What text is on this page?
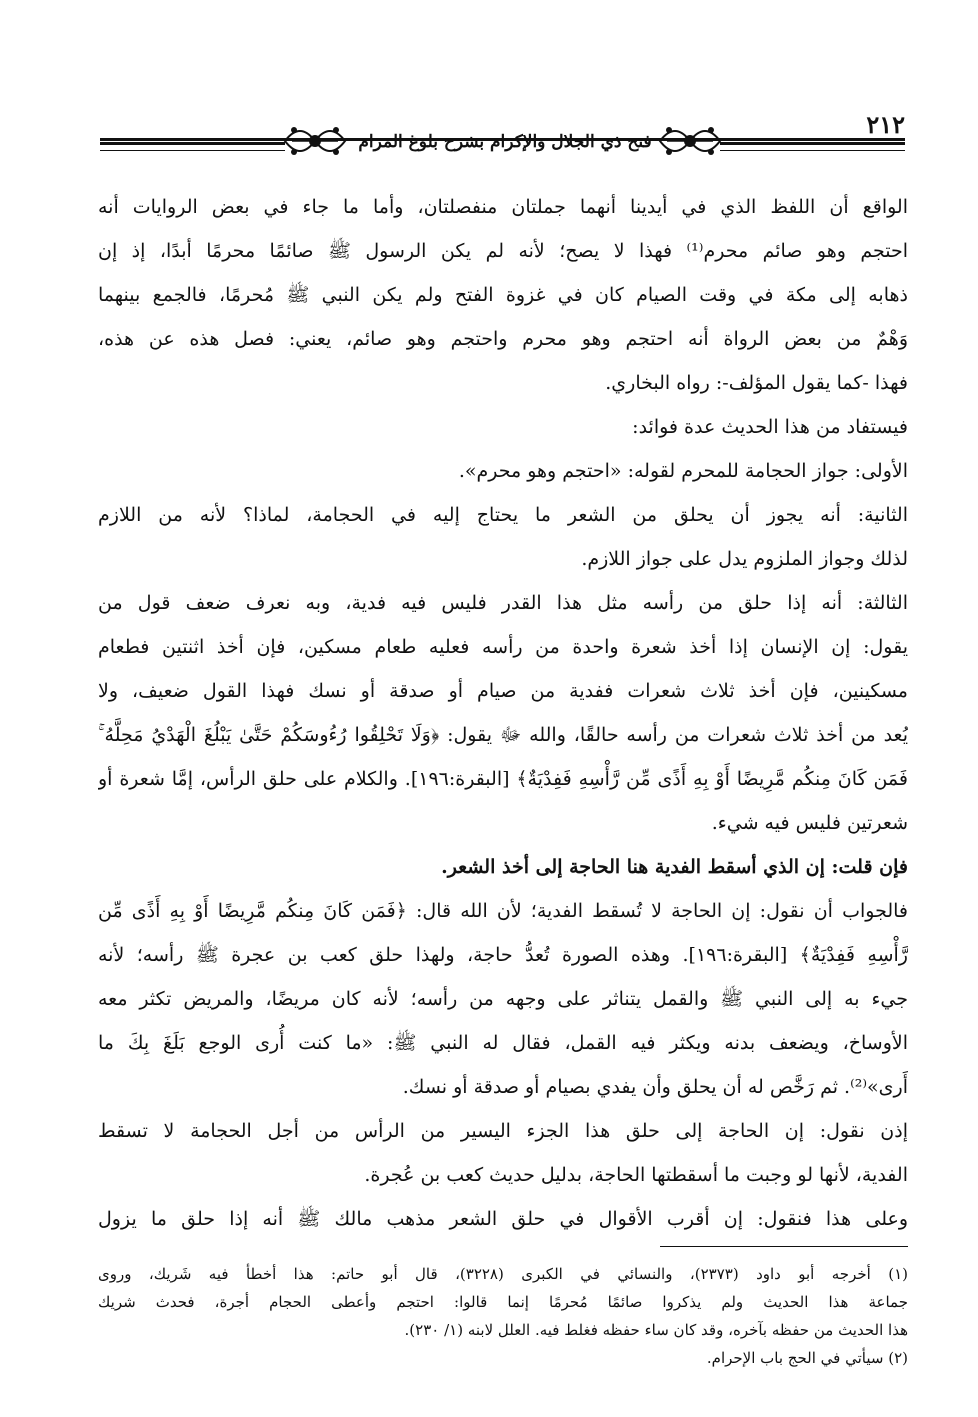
٢١٢
فتح ذي الجلال والإكرام بشرح بلوغ المرام
الواقع أن اللفظ الذي في أيدينا أنهما جملتان منفصلتان، وأما ما جاء في بعض الروايات أنه
احتجم وهو صائم محرم⁽¹⁾ فهذا لا يصح؛ لأنه لم يكن الرسول ﷺ صائمًا محرمًا أبدًا، إذ إن
ذهابه إلى مكة في وقت الصيام كان في غزوة الفتح ولم يكن النبي ﷺ مُحرمًا، فالجمع بينهما
وَهْمٌ من بعض الرواة أنه احتجم وهو محرم واحتجم وهو صائم، يعني: فصل هذه عن هذه،
فهذا -كما يقول المؤلف-: رواه البخاري.
فيستفاد من هذا الحديث عدة فوائد:
الأولى: جواز الحجامة للمحرم لقوله: «احتجم وهو محرم».
الثانية: أنه يجوز أن يحلق من الشعر ما يحتاج إليه في الحجامة، لماذا؟ لأنه من اللازم
لذلك وجواز الملزوم يدل على جواز اللازم.
الثالثة: أنه إذا حلق من رأسه مثل هذا القدر فليس فيه فدية، وبه نعرف ضعف قول من
يقول: إن الإنسان إذا أخذ شعرة واحدة من رأسه فعليه طعام مسكين، فإن أخذ اثنتين فطعام
مسكينين، فإن أخذ ثلاث شعرات ففدية من صيام أو صدقة أو نسك فهذا القول ضعيف، ولا
يُعد من أخذ ثلاث شعرات من رأسه حالقًا، والله ﷻ يقول: ﴿وَلَا تَحْلِقُوا رُءُوسَكُمْ حَتَّىٰ يَبْلُغَ الْهَدْيُ مَحِلَّهُ ۚ
فَمَن كَانَ مِنكُم مَّرِيضًا أَوْ بِهِ أَذًى مِّن رَّأْسِهِ فَفِدْيَةٌ﴾ [البقرة:١٩٦]. والكلام على حلق الرأس، إمَّا شعرة أو
شعرتين فليس فيه شيء.
فإن قلت: إن الذي أسقط الفدية هنا الحاجة إلى أخذ الشعر.
فالجواب أن نقول: إن الحاجة لا تُسقط الفدية؛ لأن الله قال: ﴿فَمَن كَانَ مِنكُم مَّرِيضًا أَوْ بِهِ أَذًى مِّن
رَّأْسِهِ فَفِدْيَةٌ﴾ [البقرة:١٩٦]. وهذه الصورة تُعدُّ حاجة، ولهذا حلق كعب بن عجرة ﷺ رأسه؛ لأنه
جيء به إلى النبي ﷺ والقمل يتناثر على وجهه من رأسه؛ لأنه كان مريضًا، والمريض تكثر معه
الأوساخ، ويضعف بدنه ويكثر فيه القمل، فقال له النبي ﷺ: «ما كنت أُرى الوجع بَلَغَ بِكَ ما
أَرى»⁽²⁾. ثم رَخَّص له أن يحلق وأن يفدي بصيام أو صدقة أو نسك.
إذن نقول: إن الحاجة إلى حلق هذا الجزء اليسير من الرأس من أجل الحجامة لا تسقط
الفدية، لأنها لو وجبت ما أسقطتها الحاجة، بدليل حديث كعب بن عُجرة.
وعلى هذا فنقول: إن أقرب الأقوال في حلق الشعر مذهب مالك ﷺ أنه إذا حلق ما يزول
(١) أخرجه أبو داود (٢٣٧٣)، والنسائي في الكبرى (٣٢٢٨)، قال أبو حاتم: هذا أخطأ فيه شَريك، وروى
جماعة هذا الحديث ولم يذكروا صائمًا مُحرمًا إنما قالوا: احتجم وأعطى الحجام أجرة، فحدث شريك
هذا الحديث من حفظه بآخره، وقد كان ساء حفظه فغلط فيه. العلل لابنه (١/ ٢٣٠).
(٢) سيأتي في الحج باب الإحرام.
